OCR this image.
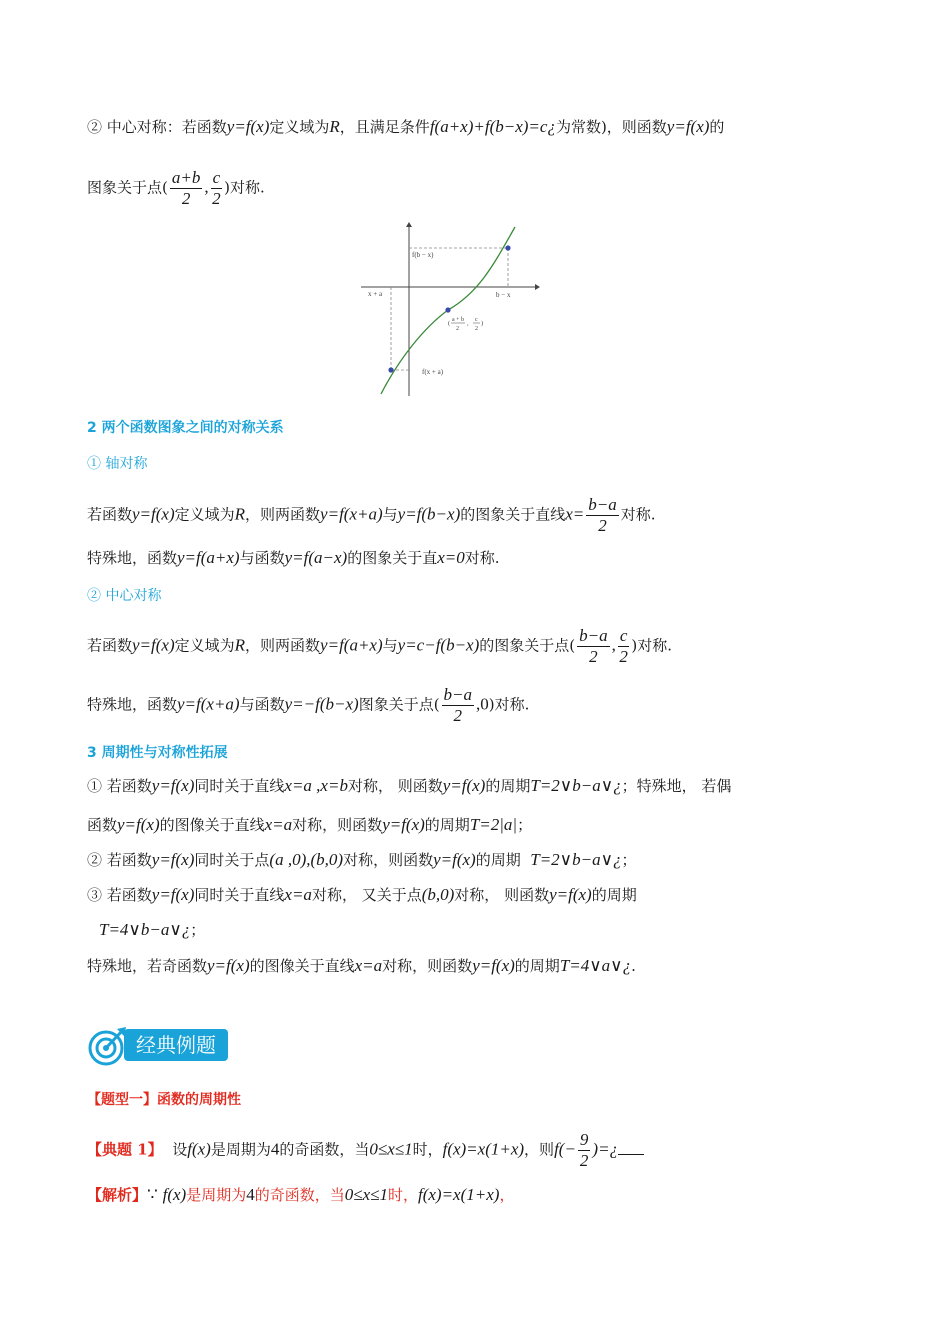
② 中心对称：若函数y=f(x)定义域为R，且满足条件f(a+x)+f(b−x)=c¿为常数)，则函数y=f(x)的
图象关于点( $\frac{a+b}{2}$ , $\frac{c}{2}$ )对称.
f(b − x)
b − x
x + a
f(x + a)
( a + b
2
, c
2
)
2 两个函数图象之间的对称关系
① 轴对称
若函数y=f(x)定义域为R，则两函数y=f(x+a)与y=f(b−x)的图象关于直线$x= \frac{b-a}{2}$ 对称.
特殊地，函数y=f(a+x)与函数y=f(a−x)的图象关于直x=0对称.
② 中心对称
若函数y=f(x)定义域为R，则两函数y=f(a+x)与y=c−f(b−x)的图象关于点( $\frac{b-a}{2}$ , $\frac{c}{2}$ )对称.
特殊地，函数y=f(x+a)与函数y=−f(b−x)图象关于点( $\frac{b-a}{2} ,0$)对称.
3 周期性与对称性拓展
① 若函数y=f(x)同时关于直线x=a ,x=b对称， 则函数y=f(x)的周期T=2∨b−a∨¿；特殊地， 若偶
函数y=f(x)的图像关于直线x=a对称，则函数y=f(x)的周期T=2|a|；
② 若函数y=f(x)同时关于点(a ,0),(b,0)对称，则函数y=f(x)的周期 T=2∨b−a∨¿；
③ 若函数y=f(x)同时关于直线x=a对称， 又关于点(b,0)对称， 则函数y=f(x)的周期
T=4∨b−a∨¿；
特殊地，若奇函数y=f(x)的图像关于直线x=a对称，则函数y=f(x)的周期T=4∨a∨¿.
经典例题
【题型一】函数的周期性
【典题 1】 设f(x)是周期为4的奇函数，当0≤x≤1时，f(x)=x(1+x)，则$f(- \frac{9}{2}$ )=¿
【解析】∵ f(x)是周期为4的奇函数，当0≤x≤1时，f(x)=x(1+x)，
